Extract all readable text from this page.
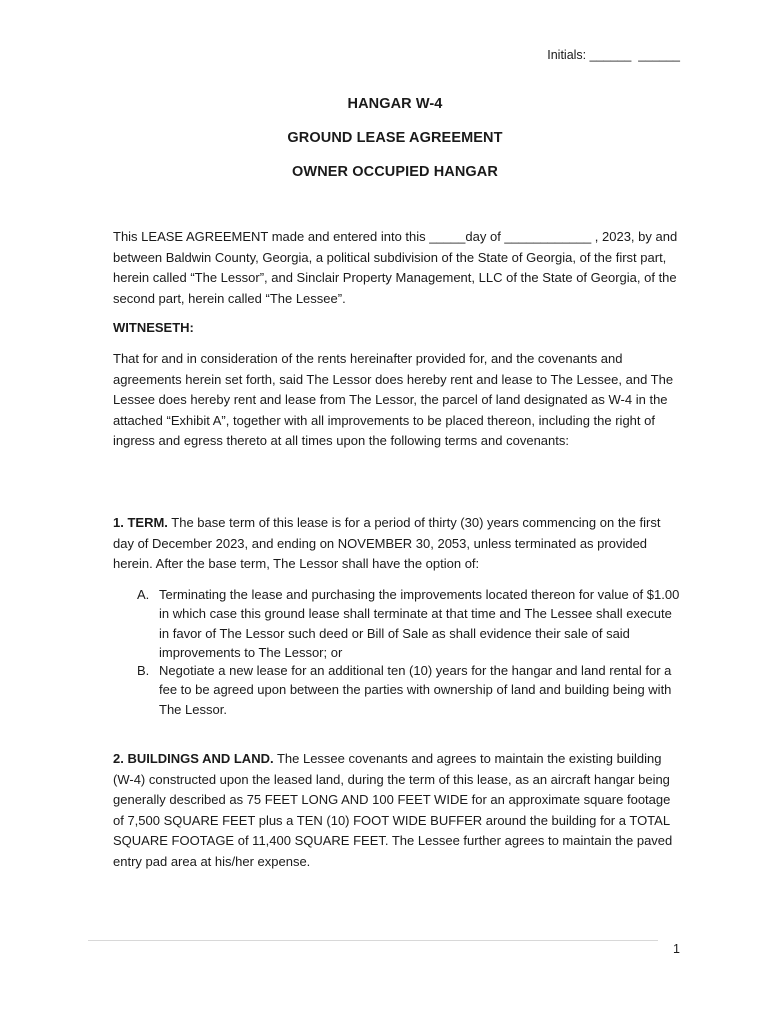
Initials: ______  ______
HANGAR W-4
GROUND LEASE AGREEMENT
OWNER OCCUPIED HANGAR

This LEASE AGREEMENT made and entered into this _____day of ____________ , 2023, by and between Baldwin County, Georgia, a political subdivision of the State of Georgia, of the first part, herein called “The Lessor”, and Sinclair Property Management, LLC of the State of Georgia, of the second part, herein called “The Lessee”.

WITNESETH:

That for and in consideration of the rents hereinafter provided for, and the covenants and agreements herein set forth, said The Lessor does hereby rent and lease to The Lessee, and The Lessee does hereby rent and lease from The Lessor, the parcel of land designated as W-4 in the attached “Exhibit A”, together with all improvements to be placed thereon, including the right of ingress and egress thereto at all times upon the following terms and covenants:

1. TERM. The base term of this lease is for a period of thirty (30) years commencing on the first day of December 2023, and ending on NOVEMBER 30, 2053, unless terminated as provided herein. After the base term, The Lessor shall have the option of:

A. Terminating the lease and purchasing the improvements located thereon for value of $1.00 in which case this ground lease shall terminate at that time and The Lessee shall execute in favor of The Lessor such deed or Bill of Sale as shall evidence their sale of said improvements to The Lessor; or
B. Negotiate a new lease for an additional ten (10) years for the hangar and land rental for a fee to be agreed upon between the parties with ownership of land and building being with The Lessor.

2. BUILDINGS AND LAND. The Lessee covenants and agrees to maintain the existing building (W-4) constructed upon the leased land, during the term of this lease, as an aircraft hangar being generally described as 75 FEET LONG AND 100 FEET WIDE for an approximate square footage of 7,500 SQUARE FEET plus a TEN (10) FOOT WIDE BUFFER around the building for a TOTAL SQUARE FOOTAGE of 11,400 SQUARE FEET. The Lessee further agrees to maintain the paved entry pad area at his/her expense.

1
